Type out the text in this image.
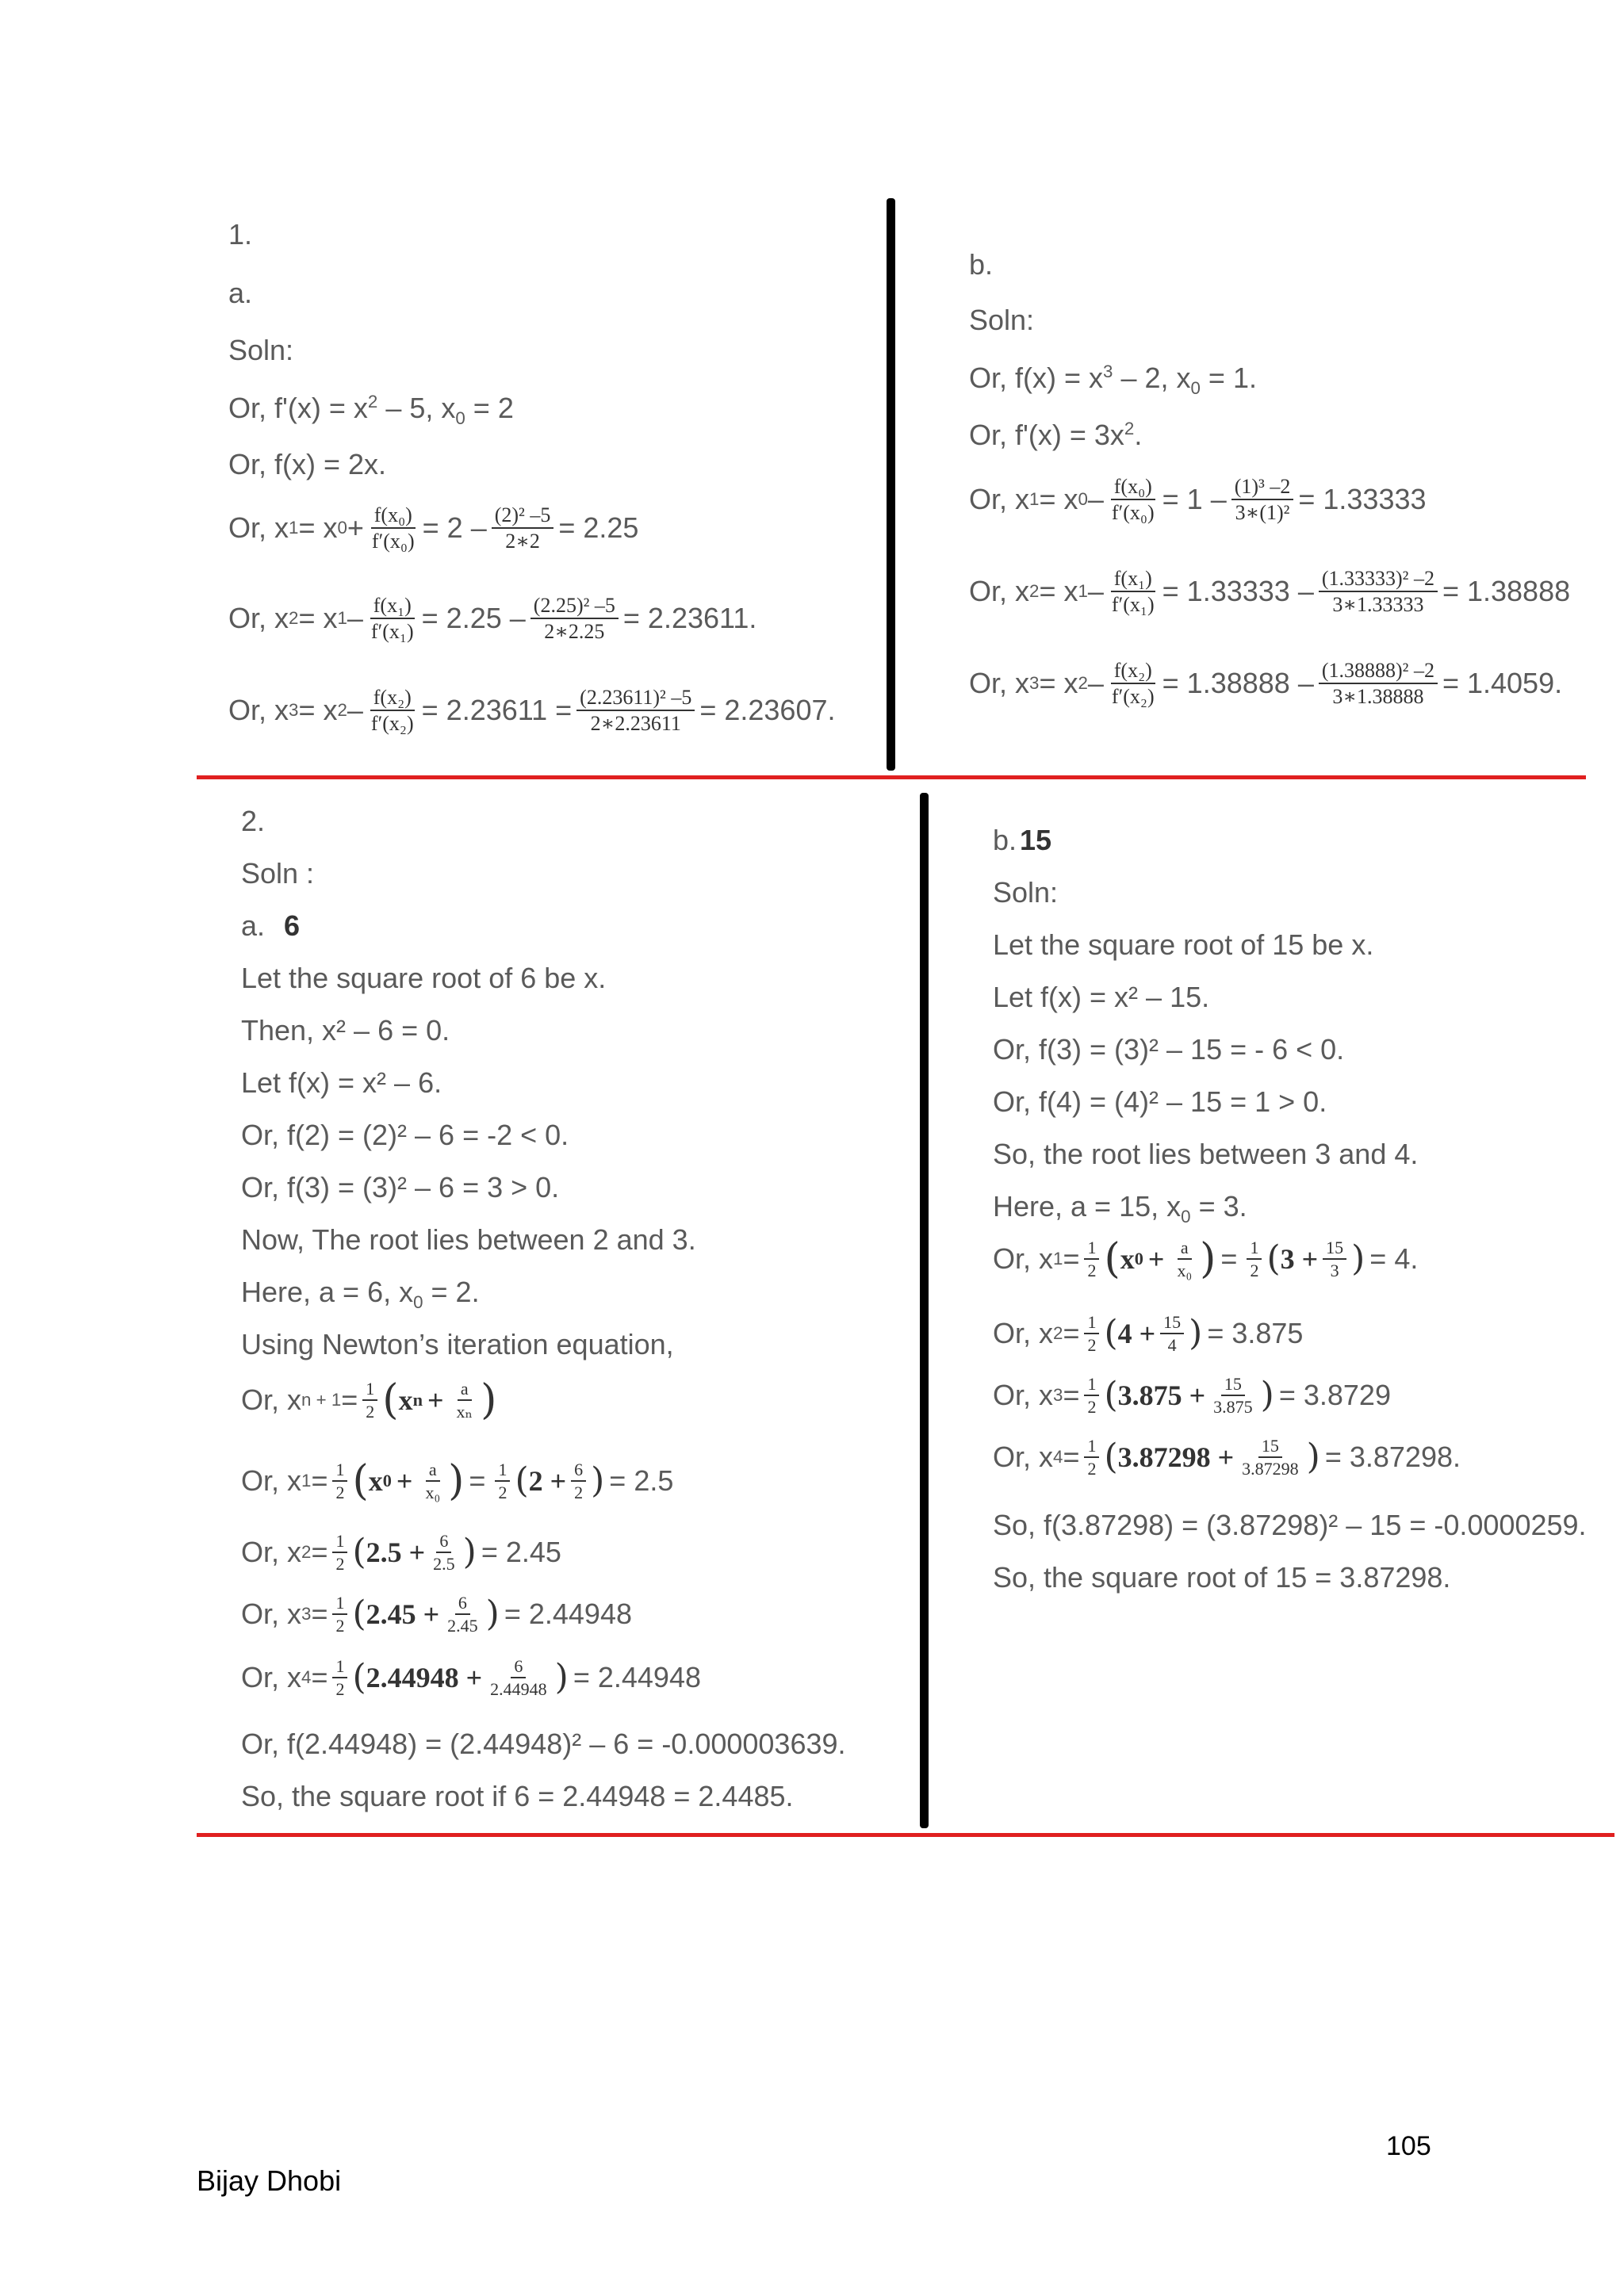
1.
a.
Soln:
Or, $f'(x) = x^2 - 5$, $x_0 = 2$
Or, f(x) = 2x.
Or, x 1 = x $0 + \frac{\text{f(x₀)}}{\text{f′(x₀)}} = 2 - \frac{\text{(2)² –5}}{2∗2} = 2.25$
Or, x 2 = x $1 - \frac{\text{f(x₁)}}{\text{f′(x₁)}} = 2.25 - \frac{\text{(2.25)² –5}}{2∗2.25} = 2.23611$.
Or, x 3 = x $2 - \frac{\text{f(x₂)}}{\text{f′(x₂)}} = 2.23611 = \frac{\text{(2.23611)² –5}}{2∗2.23611} = 2.23607$.
b.
Soln:
Or, $f(x) = x^3 - 2$, $x_0 = 1$.
Or, $f'(x) = 3x^2$.
Or, x 1 = x $0 - \frac{\text{f(x₀)}}{\text{f′(x₀)}} = 1 - \frac{\text{(1)³ –2}}{\text{3∗(1)²}} = 1.33333$
Or, x 2 = x $1 - \frac{\text{f(x₁)}}{\text{f′(x₁)}} = 1.33333 - \frac{\text{(1.33333)² –2}}{3∗1.33333} = 1.38888$
Or, x 3 = x $2 - \frac{\text{f(x₂)}}{\text{f′(x₂)}} = 1.38888 - \frac{\text{(1.38888)² –2}}{3∗1.38888} = 1.4059$.
2.
Soln :
a. 6
Let the square root of 6 be x.
Then, x² – 6 = 0.
Let f(x) = x² – 6.
Or, f(2) = (2)² – 6 = -2 < 0.
Or, f(3) = (3)² – 6 = 3 > 0.
Now, The root lies between 2 and 3.
Here, a = 6, $x_0 = 2$.
Using Newton’s iteration equation,
Or, x $n + 1 = \frac{1}{2}$ ( x $n + \frac{a}{\text{xₙ}}$ )
Or, x $1 = \frac{1}{2}$ ( x $0 + \frac{a}{\text{x₀}}$ ) = $\frac{1}{2}$ ( $2 + \frac{6}{2}$ ) = 2.5
Or, x $2 = \frac{1}{2}$ ( $2.5 + \frac{6}{2.5}$ ) = 2.45
Or, x $3 = \frac{1}{2}$ ( $2.45 + \frac{6}{2.45}$ ) = 2.44948
Or, x $4 = \frac{1}{2}$ ( $2.44948 + \frac{6}{2.44948}$ ) = 2.44948
Or, f(2.44948) = (2.44948)² – 6 = -0.000003639.
So, the square root if 6 = 2.44948 = 2.4485.
b. 15
Soln:
Let the square root of 15 be x.
Let f(x) = x² – 15.
Or, f(3) = (3)² – 15 = - 6 < 0.
Or, f(4) = (4)² – 15 = 1 > 0.
So, the root lies between 3 and 4.
Here, a = 15, $x_0 = 3$.
Or, x $1 = \frac{1}{2}$ ( x $0 + \frac{a}{\text{x₀}}$ ) = $\frac{1}{2}$ ( $3 + \frac{15}{3}$ ) = 4.
Or, x $2 = \frac{1}{2}$ ( $4 + \frac{15}{4}$ ) = 3.875
Or, x $3 = \frac{1}{2}$ ( $3.875 + \frac{15}{3.875}$ ) = 3.8729
Or, x $4 = \frac{1}{2}$ ( $3.87298 + \frac{15}{3.87298}$ ) = 3.87298.
So, f(3.87298) = (3.87298)² – 15 = -0.0000259.
So, the square root of 15 = 3.87298.
105
Bijay Dhobi
